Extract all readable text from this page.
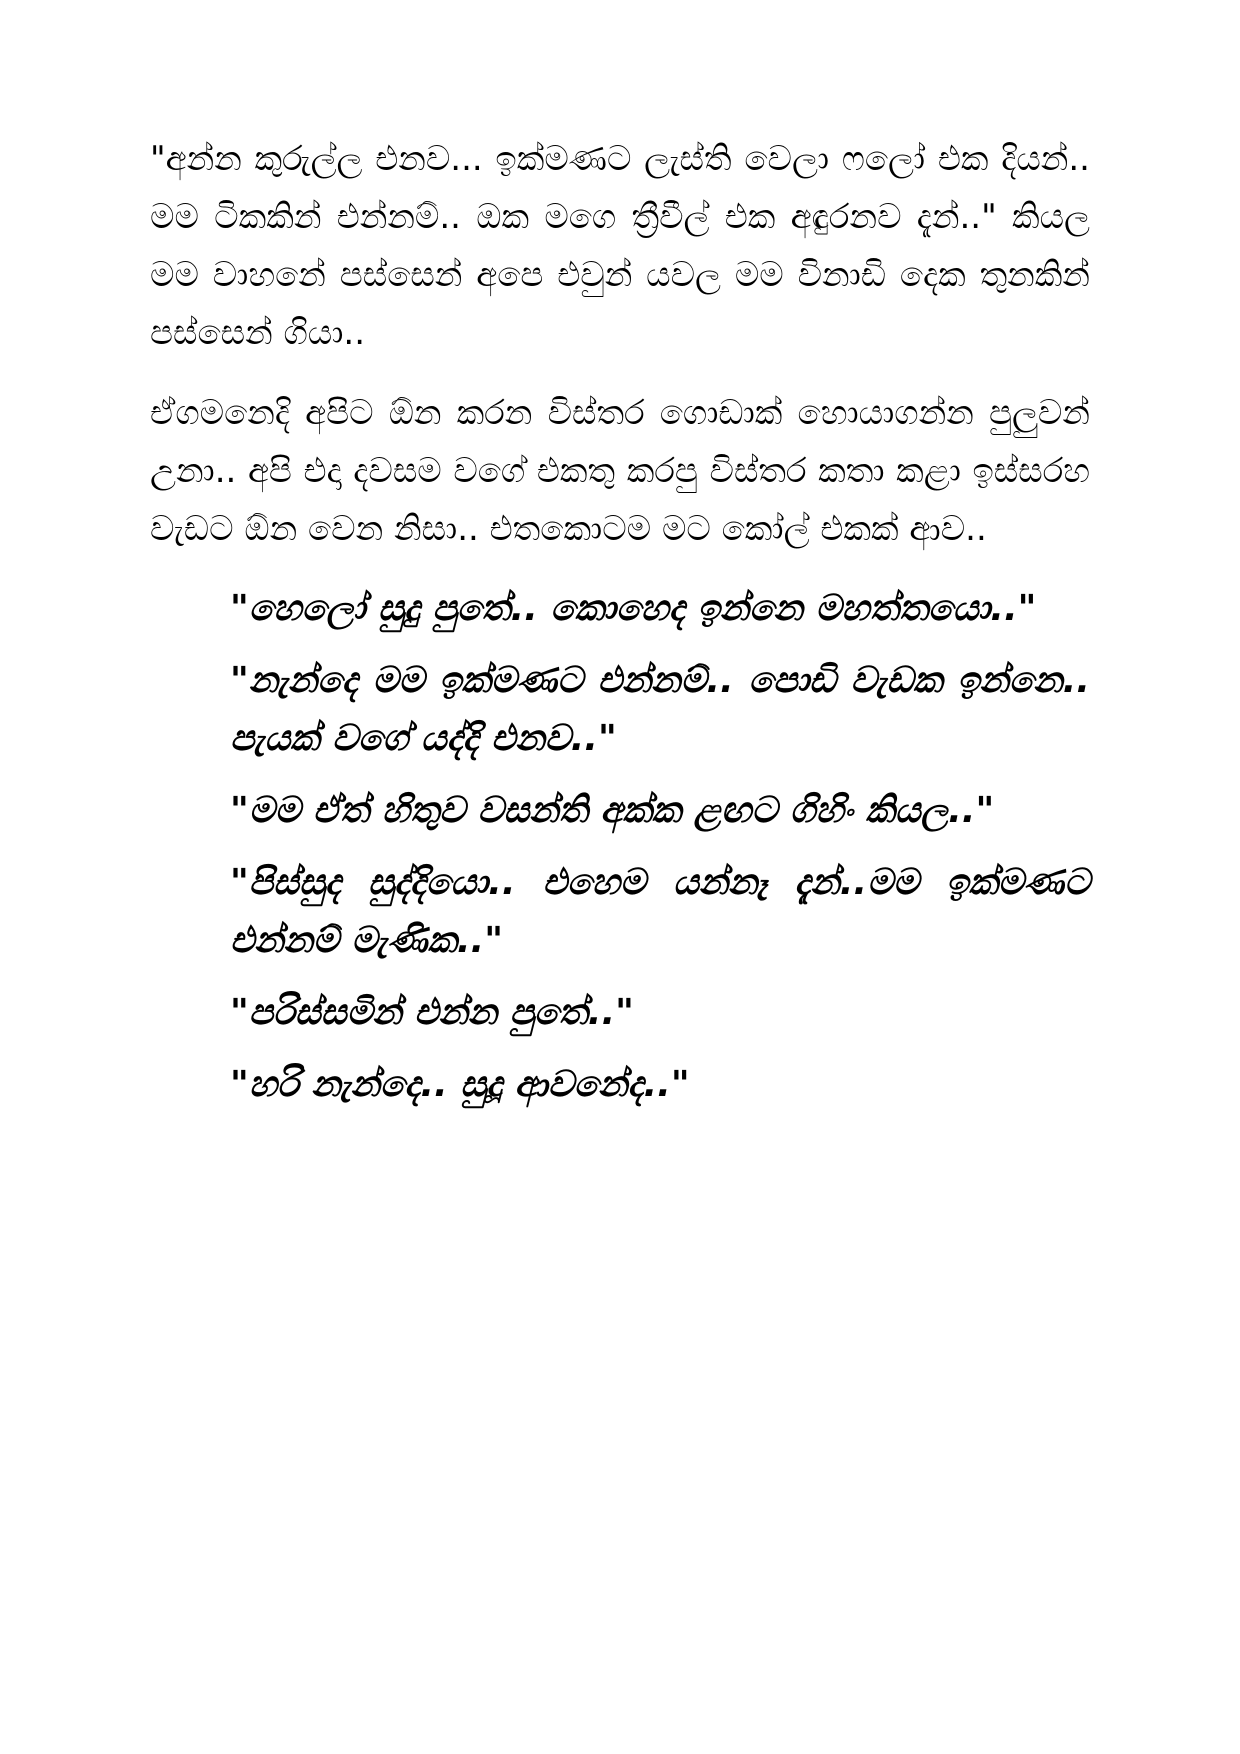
"අන්න කුරුල්ල එනව... ඉක්මණට ලැස්ති වෙලා ෆලෝ එක දියන්.. මම ටිකකින් එන්නම්.. ඔක ම​ගෙ ත්‍රීවීල් එක අඳුරනව දැන්.." කියල මම වාහනේ පස්සෙන් අපෙ එවුන් යවල මම විනාඩි දෙක තුනකින් පස්සෙන් ගියා..

ඒගමනෙදි අපිට ඕන කරන විස්තර ගොඩාක් හොයාගන්න පුලුවන් උනා.. අපි එදා දවසම වගේ එකතු කරපු විස්තර කතා කළා ඉස්සරහ වැඩට ඕන වෙන නිසා.. එතකොටම මට කෝල් එකක් ආව..

"හෙලෝ සුදු පුතේ.. කොහෙද ඉන්නෙ මහත්තයො.."

"නැන්දෙ මම ඉක්මණට එන්නම්.. පොඩි වැඩක ඉන්නෙ.. පැයක් වගේ යද්දි එනව.."

"මම ඒත් හිතුව වසන්ති අක්ක ළඟට ගිහිං කියල.."

"පිස්සුද සුද්දියො.. එහෙම යන්නෑ දැන්..මම ඉක්මණට එන්නම් මැණික.."

"පරිස්සමින් එන්න පුතේ.."

"හරි නැන්දෙ.. සුදූ ආවනේද.."
